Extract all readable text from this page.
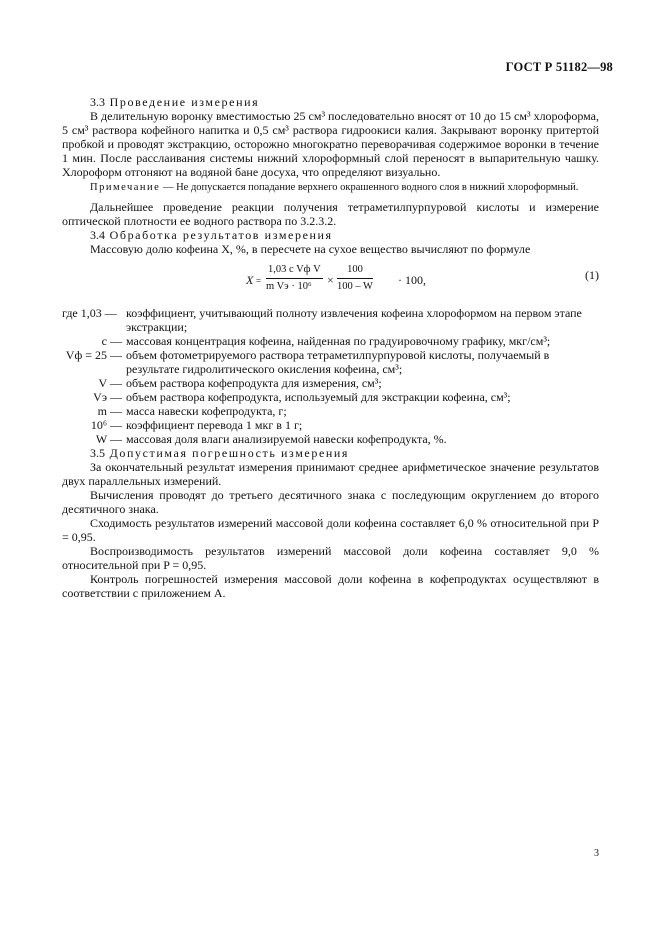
ГОСТ Р 51182—98

3.3 Проведение измерения

В делительную воронку вместимостью 25 см³ последовательно вносят от 10 до 15 см³ хлороформа, 5 см³ раствора кофейного напитка и 0,5 см³ раствора гидроокиси калия. Закрывают воронку притертой пробкой и проводят экстракцию, осторожно многократно переворачивая содержимое воронки в течение 1 мин. После расслаивания системы нижний хлороформный слой переносят в выпарительную чашку. Хлороформ отгоняют на водяной бане досуха, что определяют визуально.

Примечание — Не допускается попадание верхнего окрашенного водного слоя в нижний хлороформный.

Дальнейшее проведение реакции получения тетраметилпурпуровой кислоты и измерение оптической плотности ее водного раствора по 3.2.3.2.

3.4 Обработка результатов измерения

Массовую долю кофеина X, %, в пересчете на сухое вещество вычисляют по формуле

X =
1,03 c Vф V
m Vэ · 10⁶	× $\frac{100}{100 - W} \cdot 100$,	(1)
где 1,03 — коэффициент, учитывающий полноту извлечения кофеина хлороформом на первом этапе экстракции;
c — массовая концентрация кофеина, найденная по градуировочному графику, мкг/см³;
Vф = 25 — объем фотометрируемого раствора тетраметилпурпуровой кислоты, получаемый в результате гидролитического окисления кофеина, см³;
V — объем раствора кофепродукта для измерения, см³;
Vэ — объем раствора кофепродукта, используемый для экстракции кофеина, см³;
m — масса навески кофепродукта, г;
10⁶ — коэффициент перевода 1 мкг в 1 г;
W — массовая доля влаги анализируемой навески кофепродукта, %.

3.5 Допустимая погрешность измерения

За окончательный результат измерения принимают среднее арифметическое значение результатов двух параллельных измерений.

Вычисления проводят до третьего десятичного знака с последующим округлением до второго десятичного знака.

Сходимость результатов измерений массовой доли кофеина составляет 6,0 % относительной при P = 0,95.

Воспроизводимость результатов измерений массовой доли кофеина составляет 9,0 % относительной при P = 0,95.

Контроль погрешностей измерения массовой доли кофеина в кофепродуктах осуществляют в соответствии с приложением А.

3
